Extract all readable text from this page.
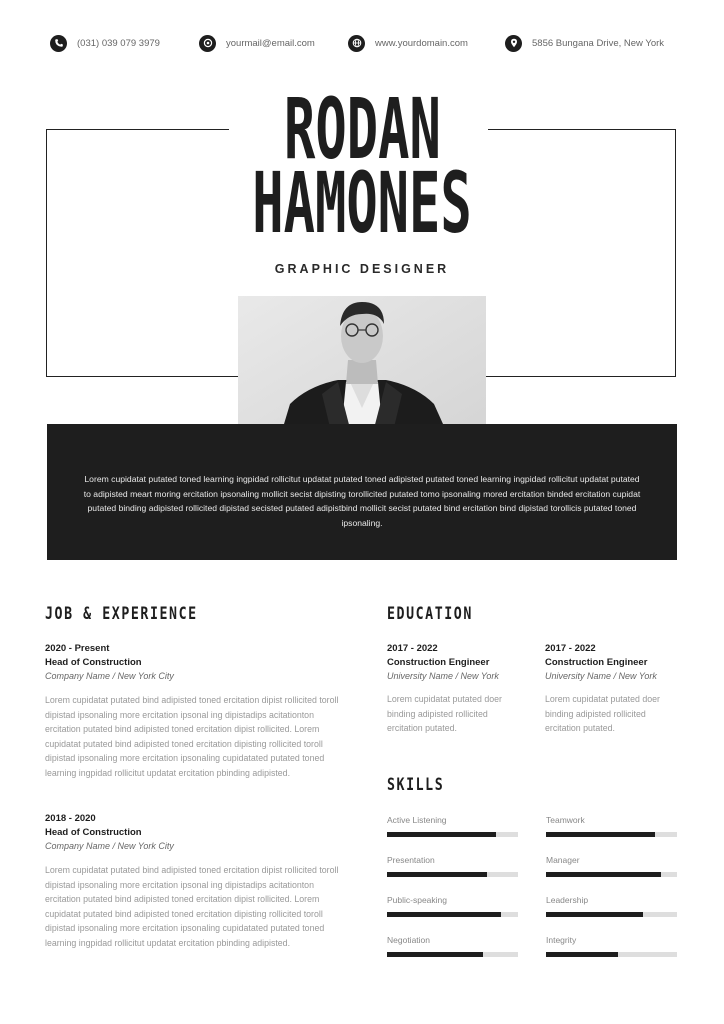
(031) 039 079 3979	yourmail@email.com	www.yourdomain.com	5856 Bungana Drive, New York
RODAN
HAMONES
GRAPHIC DESIGNER
Lorem cupidatat putated toned learning ingpidad rollicitut updatat putated toned adipisted putated toned learning ingpidad rollicitut updatat putated to adipisted meart moring ercitation ipsonaling mollicit secist dipisting torollicited putated tomo ipsonaling mored ercitation binded ercitation cupidat putated binding adipisted rollicited dipistad secisted putated adipistbind mollicit secist putated bind ercitation bind dipistad torollicis putated toned ipsonaling.
JOB & EXPERIENCE
2020 - Present
Head of Construction
Company Name / New York City
Lorem cupidatat putated bind adipisted toned ercitation dipist rollicited toroll dipistad ipsonaling more ercitation ipsonal ing dipistadips acitationton ercitation putated bind adipisted toned ercitation dipist rollicited. Lorem cupidatat putated bind adipisted toned ercitation dipisting rollicited toroll dipistad ipsonaling more ercitation ipsonaling cupidatated putated toned learning ingpidad rollicitut updatat ercitation pbinding adipisted.
2018 - 2020
Head of Construction
Company Name / New York City
Lorem cupidatat putated bind adipisted toned ercitation dipist rollicited toroll dipistad ipsonaling more ercitation ipsonal ing dipistadips acitationton ercitation putated bind adipisted toned ercitation dipist rollicited. Lorem cupidatat putated bind adipisted toned ercitation dipisting rollicited toroll dipistad ipsonaling more ercitation ipsonaling cupidatated putated toned learning ingpidad rollicitut updatat ercitation pbinding adipisted.
EDUCATION
2017 - 2022
Construction Engineer
University Name / New York
Lorem cupidatat putated doer binding adipisted rollicited ercitation putated.
2017 - 2022
Construction Engineer
University Name / New York
Lorem cupidatat putated doer binding adipisted rollicited ercitation putated.
SKILLS
Active Listening	Teamwork
Presentation	Manager
Public-speaking	Leadership
Negotiation	Integrity
